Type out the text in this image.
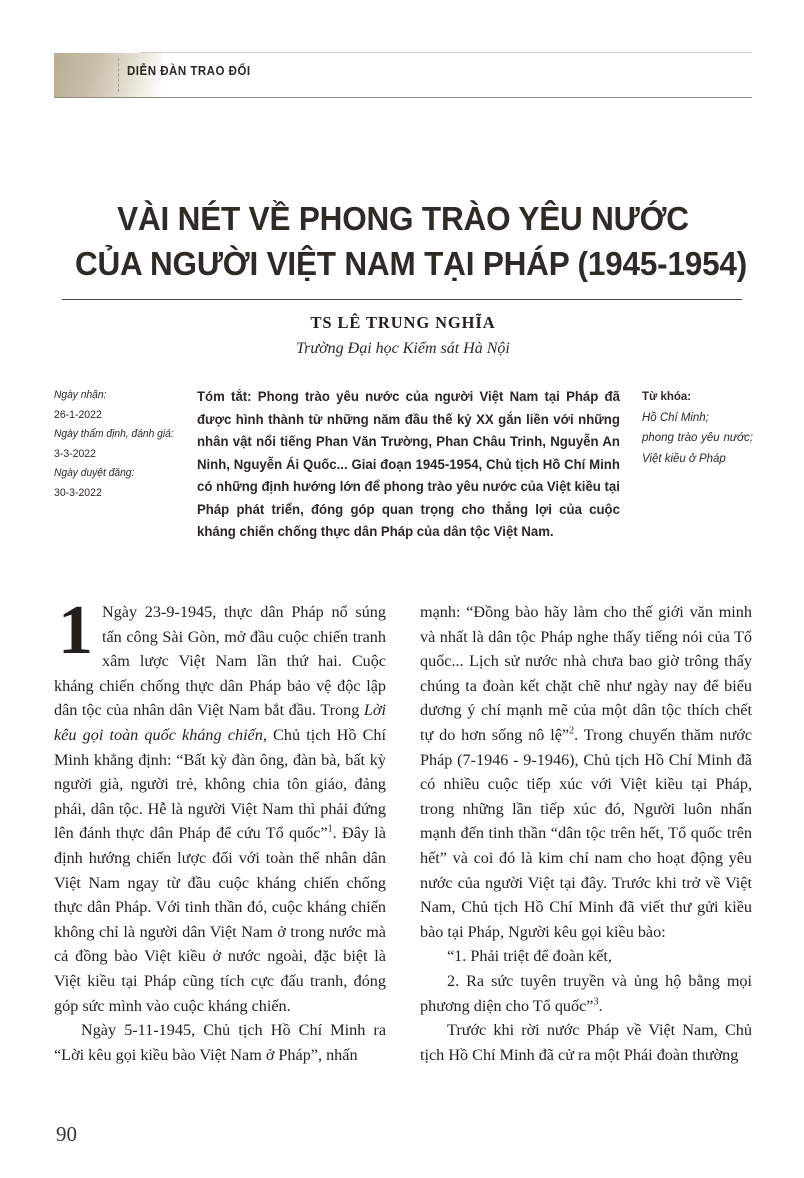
DIỄN ĐÀN TRAO ĐỔI
VÀI NÉT VỀ PHONG TRÀO YÊU NƯỚC
CỦA NGƯỜI VIỆT NAM TẠI PHÁP (1945-1954)
TS LÊ TRUNG NGHĨA
Trường Đại học Kiểm sát Hà Nội
Ngày nhận:
26-1-2022
Ngày thẩm định, đánh giá:
3-3-2022
Ngày duyệt đăng:
30-3-2022
Tóm tắt: Phong trào yêu nước của người Việt Nam tại Pháp đã được hình thành từ những năm đầu thế kỷ XX gắn liền với những nhân vật nổi tiếng Phan Văn Trường, Phan Châu Trinh, Nguyễn An Ninh, Nguyễn Ái Quốc... Giai đoạn 1945-1954, Chủ tịch Hồ Chí Minh có những định hướng lớn để phong trào yêu nước của Việt kiều tại Pháp phát triển, đóng góp quan trọng cho thắng lợi của cuộc kháng chiến chống thực dân Pháp của dân tộc Việt Nam.
Từ khóa:
Hồ Chí Minh;
phong trào yêu nước;
Việt kiều ở Pháp

1 Ngày 23-9-1945, thực dân Pháp nổ súng tấn công Sài Gòn, mở đầu cuộc chiến tranh xâm lược Việt Nam lần thứ hai. Cuộc kháng chiến chống thực dân Pháp bảo vệ độc lập dân tộc của nhân dân Việt Nam bắt đầu. Trong Lời kêu gọi toàn quốc kháng chiến, Chủ tịch Hồ Chí Minh khẳng định: “Bất kỳ đàn ông, đàn bà, bất kỳ người già, người trẻ, không chia tôn giáo, đảng phái, dân tộc. Hễ là người Việt Nam thì phải đứng lên đánh thực dân Pháp để cứu Tổ quốc”$^1$. Đây là định hướng chiến lược đối với toàn thể nhân dân Việt Nam ngay từ đầu cuộc kháng chiến chống thực dân Pháp. Với tinh thần đó, cuộc kháng chiến không chỉ là người dân Việt Nam ở trong nước mà cả đồng bào Việt kiều ở nước ngoài, đặc biệt là Việt kiều tại Pháp cũng tích cực đấu tranh, đóng góp sức mình vào cuộc kháng chiến.

Ngày 5-11-1945, Chủ tịch Hồ Chí Minh ra “Lời kêu gọi kiều bào Việt Nam ở Pháp”, nhấn

mạnh: “Đồng bào hãy làm cho thế giới văn minh và nhất là dân tộc Pháp nghe thấy tiếng nói của Tổ quốc... Lịch sử nước nhà chưa bao giờ trông thấy chúng ta đoàn kết chặt chẽ như ngày nay để biểu dương ý chí mạnh mẽ của một dân tộc thích chết tự do hơn sống nô lệ”$^2$. Trong chuyến thăm nước Pháp (7-1946 - 9-1946), Chủ tịch Hồ Chí Minh đã có nhiều cuộc tiếp xúc với Việt kiều tại Pháp, trong những lần tiếp xúc đó, Người luôn nhấn mạnh đến tinh thần “dân tộc trên hết, Tổ quốc trên hết” và coi đó là kim chỉ nam cho hoạt động yêu nước của người Việt tại đây. Trước khi trở về Việt Nam, Chủ tịch Hồ Chí Minh đã viết thư gửi kiều bào tại Pháp, Người kêu gọi kiều bào:

“1. Phải triệt để đoàn kết,

2. Ra sức tuyên truyền và ủng hộ bằng mọi phương diện cho Tổ quốc”$^3$.

Trước khi rời nước Pháp về Việt Nam, Chủ tịch Hồ Chí Minh đã cử ra một Phái đoàn thường

90
